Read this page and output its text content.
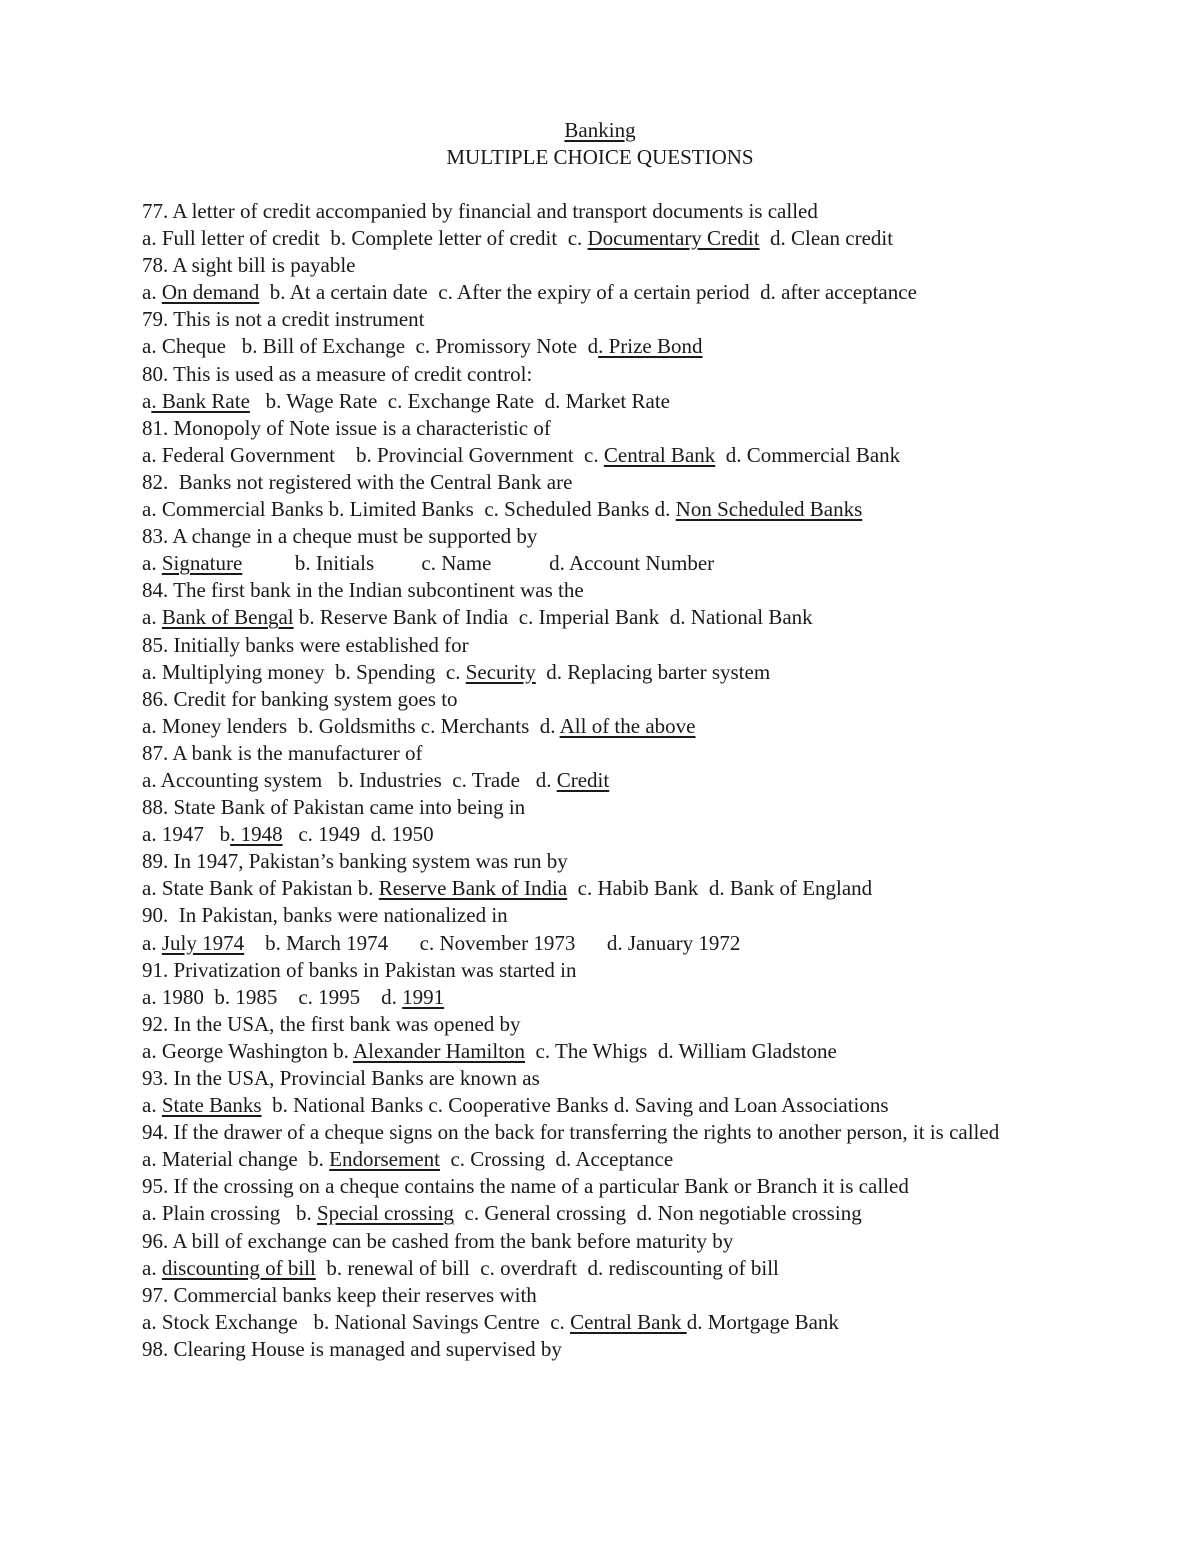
Banking
MULTIPLE CHOICE QUESTIONS
77. A letter of credit accompanied by financial and transport documents is called
a. Full letter of credit  b. Complete letter of credit  c. Documentary Credit  d. Clean credit
78. A sight bill is payable
a. On demand  b. At a certain date  c. After the expiry of a certain period  d. after acceptance
79. This is not a credit instrument
a. Cheque   b. Bill of Exchange  c. Promissory Note  d. Prize Bond
80. This is used as a measure of credit control:
a. Bank Rate   b. Wage Rate  c. Exchange Rate  d. Market Rate
81. Monopoly of Note issue is a characteristic of
a. Federal Government    b. Provincial Government  c. Central Bank  d. Commercial Bank
82.  Banks not registered with the Central Bank are
a. Commercial Banks b. Limited Banks  c. Scheduled Banks d. Non Scheduled Banks
83. A change in a cheque must be supported by
a. Signature          b. Initials         c. Name           d. Account Number
84. The first bank in the Indian subcontinent was the
a. Bank of Bengal b. Reserve Bank of India  c. Imperial Bank  d. National Bank
85. Initially banks were established for
a. Multiplying money  b. Spending  c. Security  d. Replacing barter system
86. Credit for banking system goes to
a. Money lenders  b. Goldsmiths c. Merchants  d. All of the above
87. A bank is the manufacturer of
a. Accounting system   b. Industries  c. Trade   d. Credit
88. State Bank of Pakistan came into being in
a. 1947   b. 1948   c. 1949  d. 1950
89. In 1947, Pakistan’s banking system was run by
a. State Bank of Pakistan b. Reserve Bank of India  c. Habib Bank  d. Bank of England
90.  In Pakistan, banks were nationalized in
a. July 1974    b. March 1974      c. November 1973      d. January 1972
91. Privatization of banks in Pakistan was started in
a. 1980  b. 1985    c. 1995    d. 1991
92. In the USA, the first bank was opened by
a. George Washington b. Alexander Hamilton  c. The Whigs  d. William Gladstone
93. In the USA, Provincial Banks are known as
a. State Banks  b. National Banks c. Cooperative Banks d. Saving and Loan Associations
94. If the drawer of a cheque signs on the back for transferring the rights to another person, it is called
a. Material change  b. Endorsement  c. Crossing  d. Acceptance
95. If the crossing on a cheque contains the name of a particular Bank or Branch it is called
a. Plain crossing   b. Special crossing  c. General crossing  d. Non negotiable crossing
96. A bill of exchange can be cashed from the bank before maturity by
a. discounting of bill  b. renewal of bill  c. overdraft  d. rediscounting of bill
97. Commercial banks keep their reserves with
a. Stock Exchange   b. National Savings Centre  c. Central Bank d. Mortgage Bank
98. Clearing House is managed and supervised by
